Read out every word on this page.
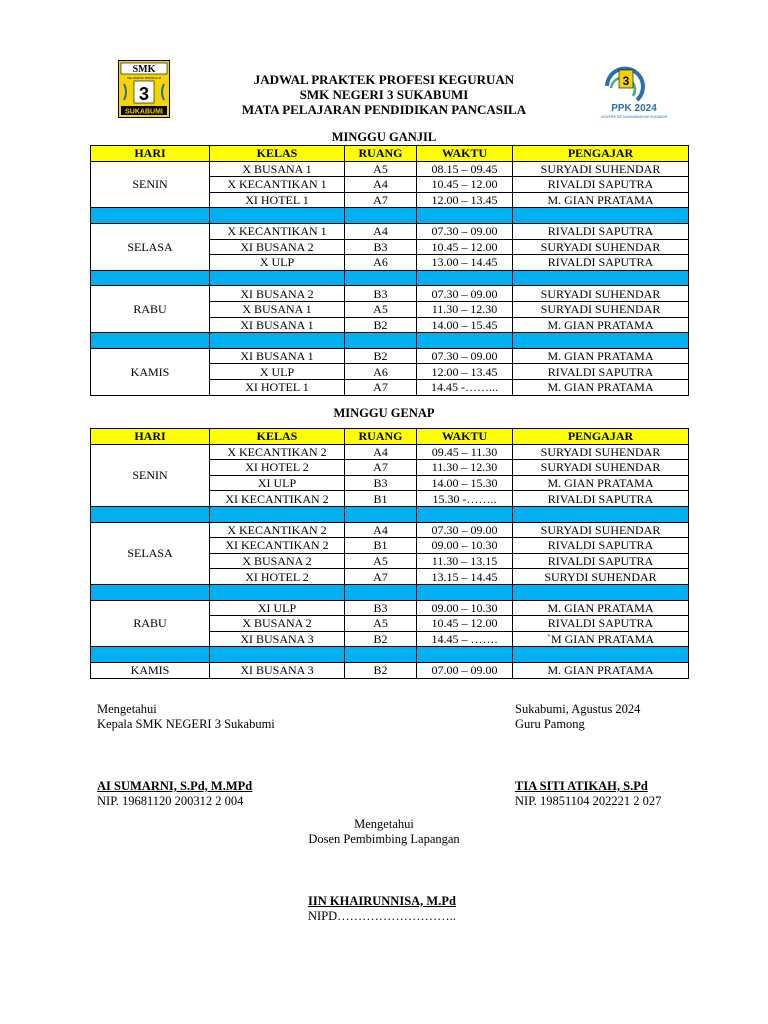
SMK
KELOMPOK BISNIS & M
3
SUKABUMI
3
PPK 2024
UNIVERSITAS MUHAMMADIYAH SUKABUMI
JADWAL PRAKTEK PROFESI KEGURUAN
SMK NEGERI 3 SUKABUMI
MATA PELAJARAN PENDIDIKAN PANCASILA
MINGGU GANJIL
HARI	KELAS	RUANG	WAKTU	PENGAJAR
SENIN	X BUSANA 1	A5	08.15 – 09.45	SURYADI SUHENDAR
	X KECANTIKAN 1	A4	10.45 – 12.00	RIVALDI SAPUTRA
	XI HOTEL 1	A7	12.00 – 13.45	M. GIAN PRATAMA

SELASA	X KECANTIKAN 1	A4	07.30 – 09.00	RIVALDI SAPUTRA
	XI BUSANA 2	B3	10.45 – 12.00	SURYADI SUHENDAR
	X ULP	A6	13.00 – 14.45	RIVALDI SAPUTRA

RABU	XI BUSANA 2	B3	07.30 – 09.00	SURYADI SUHENDAR
	X BUSANA 1	A5	11.30 – 12.30	SURYADI SUHENDAR
	XI BUSANA 1	B2	14.00 – 15.45	M. GIAN PRATAMA

KAMIS	XI BUSANA 1	B2	07.30 – 09.00	M. GIAN PRATAMA
	X ULP	A6	12.00 – 13.45	RIVALDI SAPUTRA
	XI HOTEL 1	A7	14.45 -……...	M. GIAN PRATAMA
MINGGU GENAP
HARI	KELAS	RUANG	WAKTU	PENGAJAR
SENIN	X KECANTIKAN 2	A4	09.45 – 11.30	SURYADI SUHENDAR
	XI HOTEL 2	A7	11.30 – 12.30	SURYADI SUHENDAR
	XI ULP	B3	14.00 – 15.30	M. GIAN PRATAMA
	XI KECANTIKAN 2	B1	15.30 -……..	RIVALDI SAPUTRA

SELASA	X KECANTIKAN 2	A4	07.30 – 09.00	SURYADI SUHENDAR
	XI KECANTIKAN 2	B1	09.00 – 10.30	RIVALDI SAPUTRA
	X BUSANA 2	A5	11.30 – 13.15	RIVALDI SAPUTRA
	XI HOTEL 2	A7	13.15 – 14.45	SURYDI SUHENDAR

RABU	XI ULP	B3	09.00 – 10.30	M. GIAN PRATAMA
	X BUSANA 2	A5	10.45 – 12.00	RIVALDI SAPUTRA
	XI BUSANA 3	B2	14.45 – …….	`M GIAN PRATAMA

KAMIS	XI BUSANA 3	B2	07.00 – 09.00	M. GIAN PRATAMA
Mengetahui
Kepala SMK NEGERI 3 Sukabumi
AI SUMARNI, S.Pd, M.MPd
NIP. 19681120 200312 2 004
Sukabumi, Agustus 2024
Guru Pamong
TIA SITI ATIKAH, S.Pd
NIP. 19851104 202221 2 027
Mengetahui
Dosen Pembimbing Lapangan
IIN KHAIRUNNISA, M.Pd
NIPD………………………..
